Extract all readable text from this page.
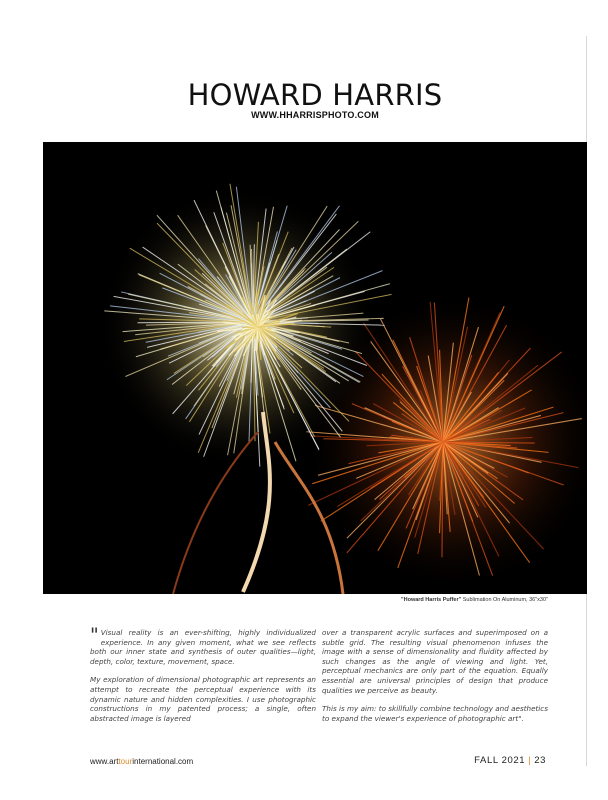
HOWARD HARRIS
WWW.HHARRISPHOTO.COM
"Howard Harris Puffer" Sublimation On Aluminum, 36"x30"

" Visual reality is an ever-shifting, highly individualized experience. In any given moment, what we see reflects both our inner state and synthesis of outer qualities—light, depth, color, texture, movement, space.

My exploration of dimensional photographic art represents an attempt to recreate the perceptual experience with its dynamic nature and hidden complexities. I use photographic constructions in my patented process; a single, often abstracted image is layered

over a transparent acrylic surfaces and superimposed on a subtle grid. The resulting visual phenomenon infuses the image with a sense of dimensionality and fluidity affected by such changes as the angle of viewing and light. Yet, perceptual mechanics are only part of the equation. Equally essential are universal principles of design that produce qualities we perceive as beauty.

This is my aim: to skillfully combine technology and aesthetics to expand the viewer's experience of photographic art".

www.arttourinternational.com	FALL 2021 | 23
